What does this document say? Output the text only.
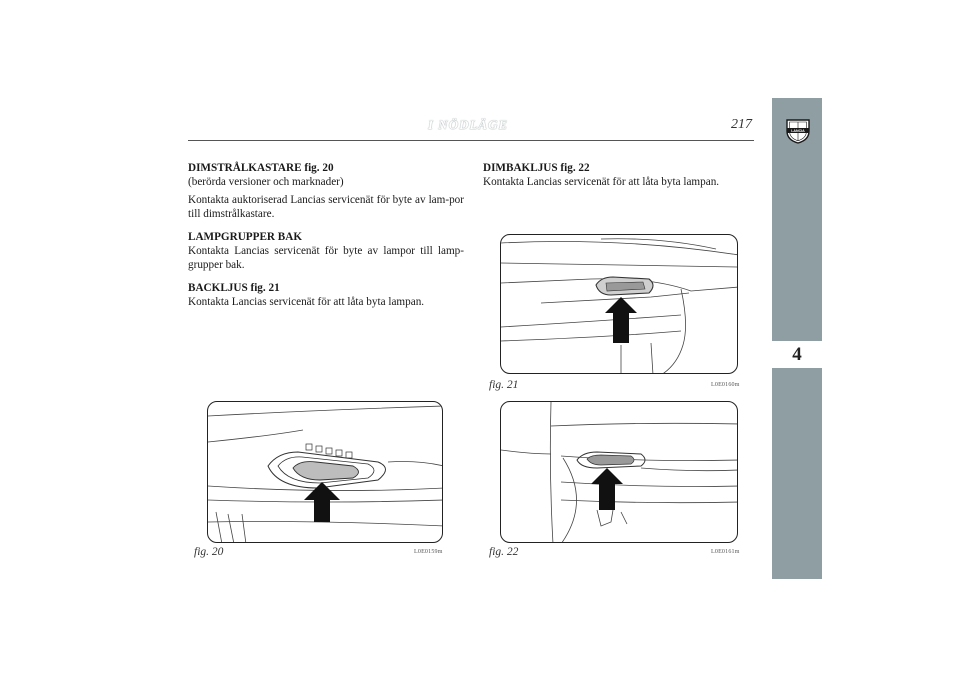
I NÖDLÄGE	217
4
LANCIA
DIMSTRÅLKASTARE fig. 20

(berörda versioner och marknader)

Kontakta auktoriserad Lancias servicenät för byte av lam-por till dimstrålkastare.

LAMPGRUPPER BAK

Kontakta Lancias servicenät för byte av lampor till lamp-grupper bak.

BACKLJUS fig. 21

Kontakta Lancias servicenät för att låta byta lampan.

DIMBAKLJUS fig. 22

Kontakta Lancias servicenät för att låta byta lampan.

fig. 21	L0E0160m
fig. 20	L0E0159m	fig. 22	L0E0161m
